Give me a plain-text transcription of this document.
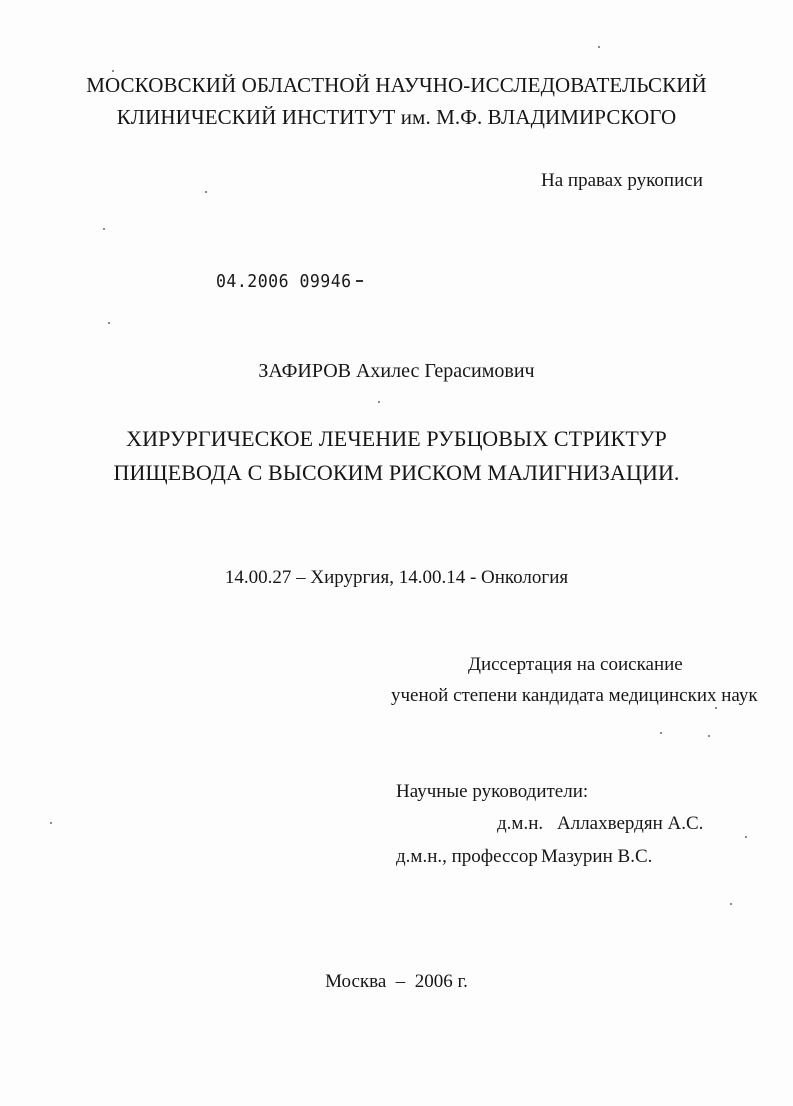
МОСКОВСКИЙ ОБЛАСТНОЙ НАУЧНО-ИССЛЕДОВАТЕЛЬСКИЙ
КЛИНИЧЕСКИЙ ИНСТИТУТ им. М.Ф. ВЛАДИМИРСКОГО
На правах рукописи
04.2006 09946
ЗАФИРОВ Ахилес Герасимович
ХИРУРГИЧЕСКОЕ ЛЕЧЕНИЕ РУБЦОВЫХ СТРИКТУР
ПИЩЕВОДА С ВЫСОКИМ РИСКОМ МАЛИГНИЗАЦИИ.
14.00.27 – Хирургия, 14.00.14 - Онкология
Диссертация на соискание
ученой степени кандидата медицинских наук
Научные руководители:
д.м.н. Аллахвердян А.С.
д.м.н., профессор Мазурин В.С.
Москва  –  2006 г.
